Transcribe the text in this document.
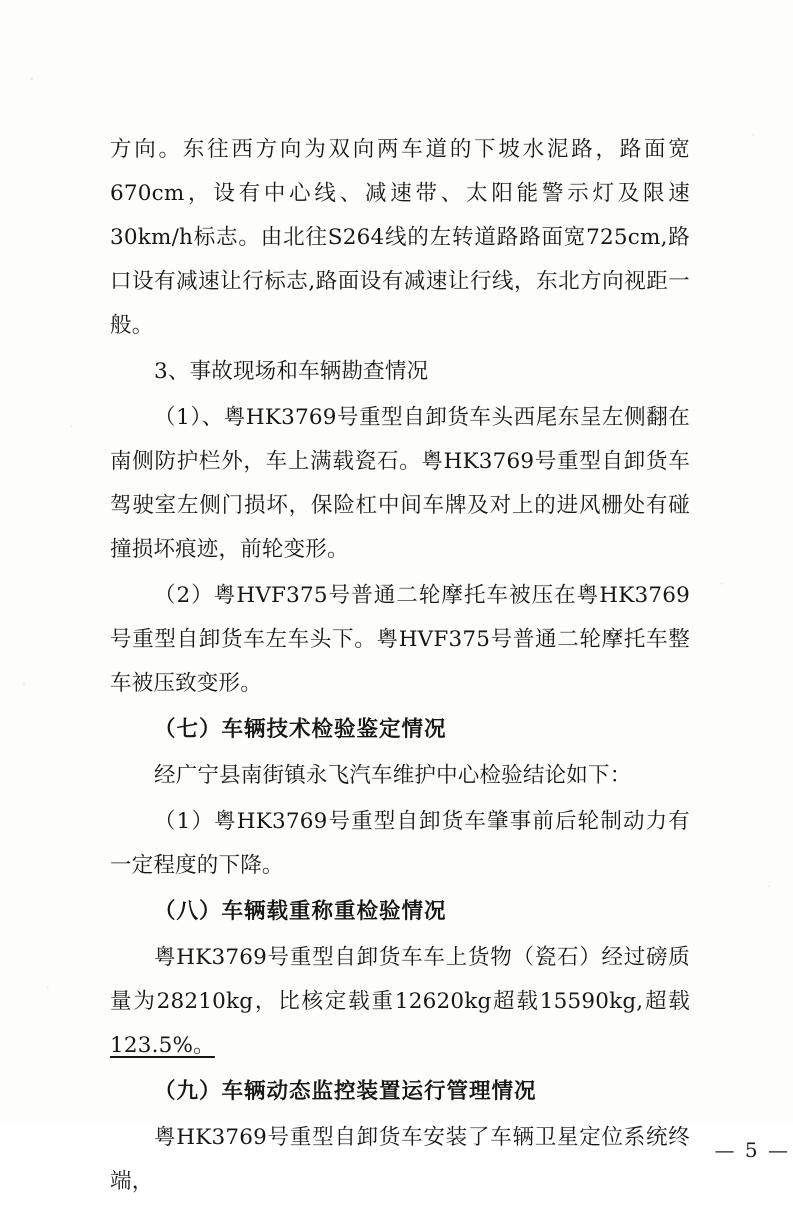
方向。东往西方向为双向两车道的下坡水泥路，路面宽670cm，设有中心线、减速带、太阳能警示灯及限速30km/h标志。由北往S264线的左转道路路面宽725cm,路口设有减速让行标志,路面设有减速让行线，东北方向视距一般。

3、事故现场和车辆勘查情况

（1）、粤HK3769号重型自卸货车头西尾东呈左侧翻在南侧防护栏外，车上满载瓷石。粤HK3769号重型自卸货车驾驶室左侧门损坏，保险杠中间车牌及对上的进风栅处有碰撞损坏痕迹，前轮变形。

（2）粤HVF375号普通二轮摩托车被压在粤HK3769号重型自卸货车左车头下。粤HVF375号普通二轮摩托车整车被压致变形。

（七）车辆技术检验鉴定情况

经广宁县南街镇永飞汽车维护中心检验结论如下：

（1）粤HK3769号重型自卸货车肇事前后轮制动力有一定程度的下降。

（八）车辆载重称重检验情况

粤HK3769号重型自卸货车车上货物（瓷石）经过磅质量为28210kg，比核定载重12620kg超载15590kg,超载123.5%。

（九）车辆动态监控装置运行管理情况

粤HK3769号重型自卸货车安装了车辆卫星定位系统终端，

— 5 —
